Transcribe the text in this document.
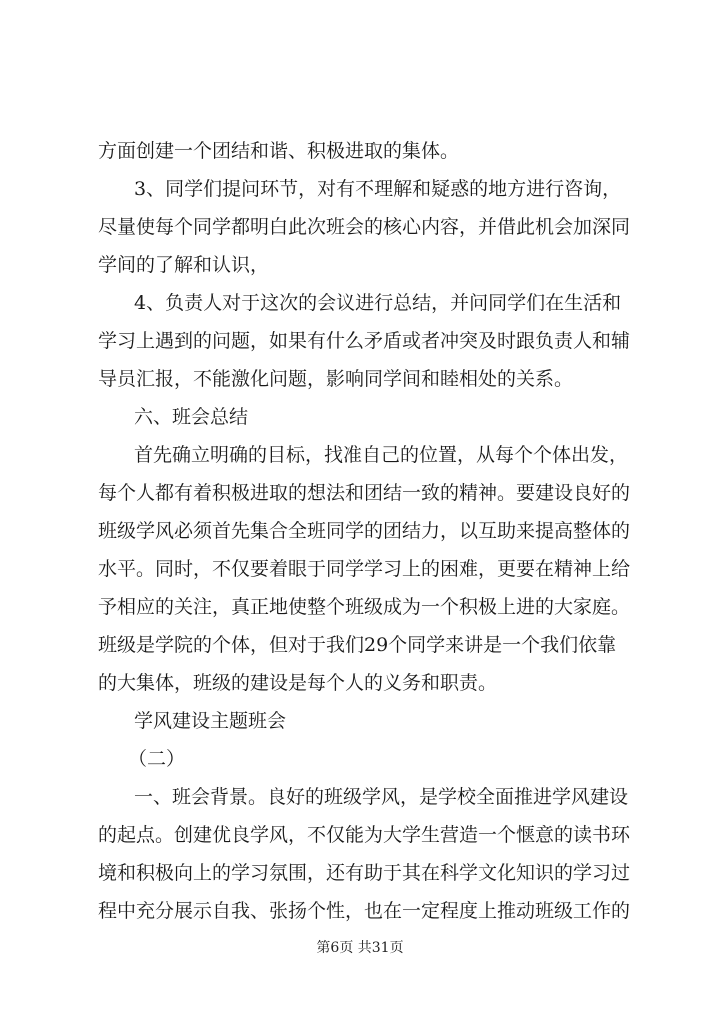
方面创建一个团结和谐、积极进取的集体。
3、同学们提问环节，对有不理解和疑惑的地方进行咨询，
尽量使每个同学都明白此次班会的核心内容，并借此机会加深同
学间的了解和认识，
4、负责人对于这次的会议进行总结，并问同学们在生活和
学习上遇到的问题，如果有什么矛盾或者冲突及时跟负责人和辅
导员汇报，不能激化问题，影响同学间和睦相处的关系。
六、班会总结
首先确立明确的目标，找准自己的位置，从每个个体出发，
每个人都有着积极进取的想法和团结一致的精神。要建设良好的
班级学风必须首先集合全班同学的团结力，以互助来提高整体的
水平。同时，不仅要着眼于同学学习上的困难，更要在精神上给
予相应的关注，真正地使整个班级成为一个积极上进的大家庭。
班级是学院的个体，但对于我们29个同学来讲是一个我们依靠
的大集体，班级的建设是每个人的义务和职责。
学风建设主题班会
（二）
一、班会背景。良好的班级学风，是学校全面推进学风建设
的起点。创建优良学风，不仅能为大学生营造一个惬意的读书环
境和积极向上的学习氛围，还有助于其在科学文化知识的学习过
程中充分展示自我、张扬个性，也在一定程度上推动班级工作的
第6页 共31页
